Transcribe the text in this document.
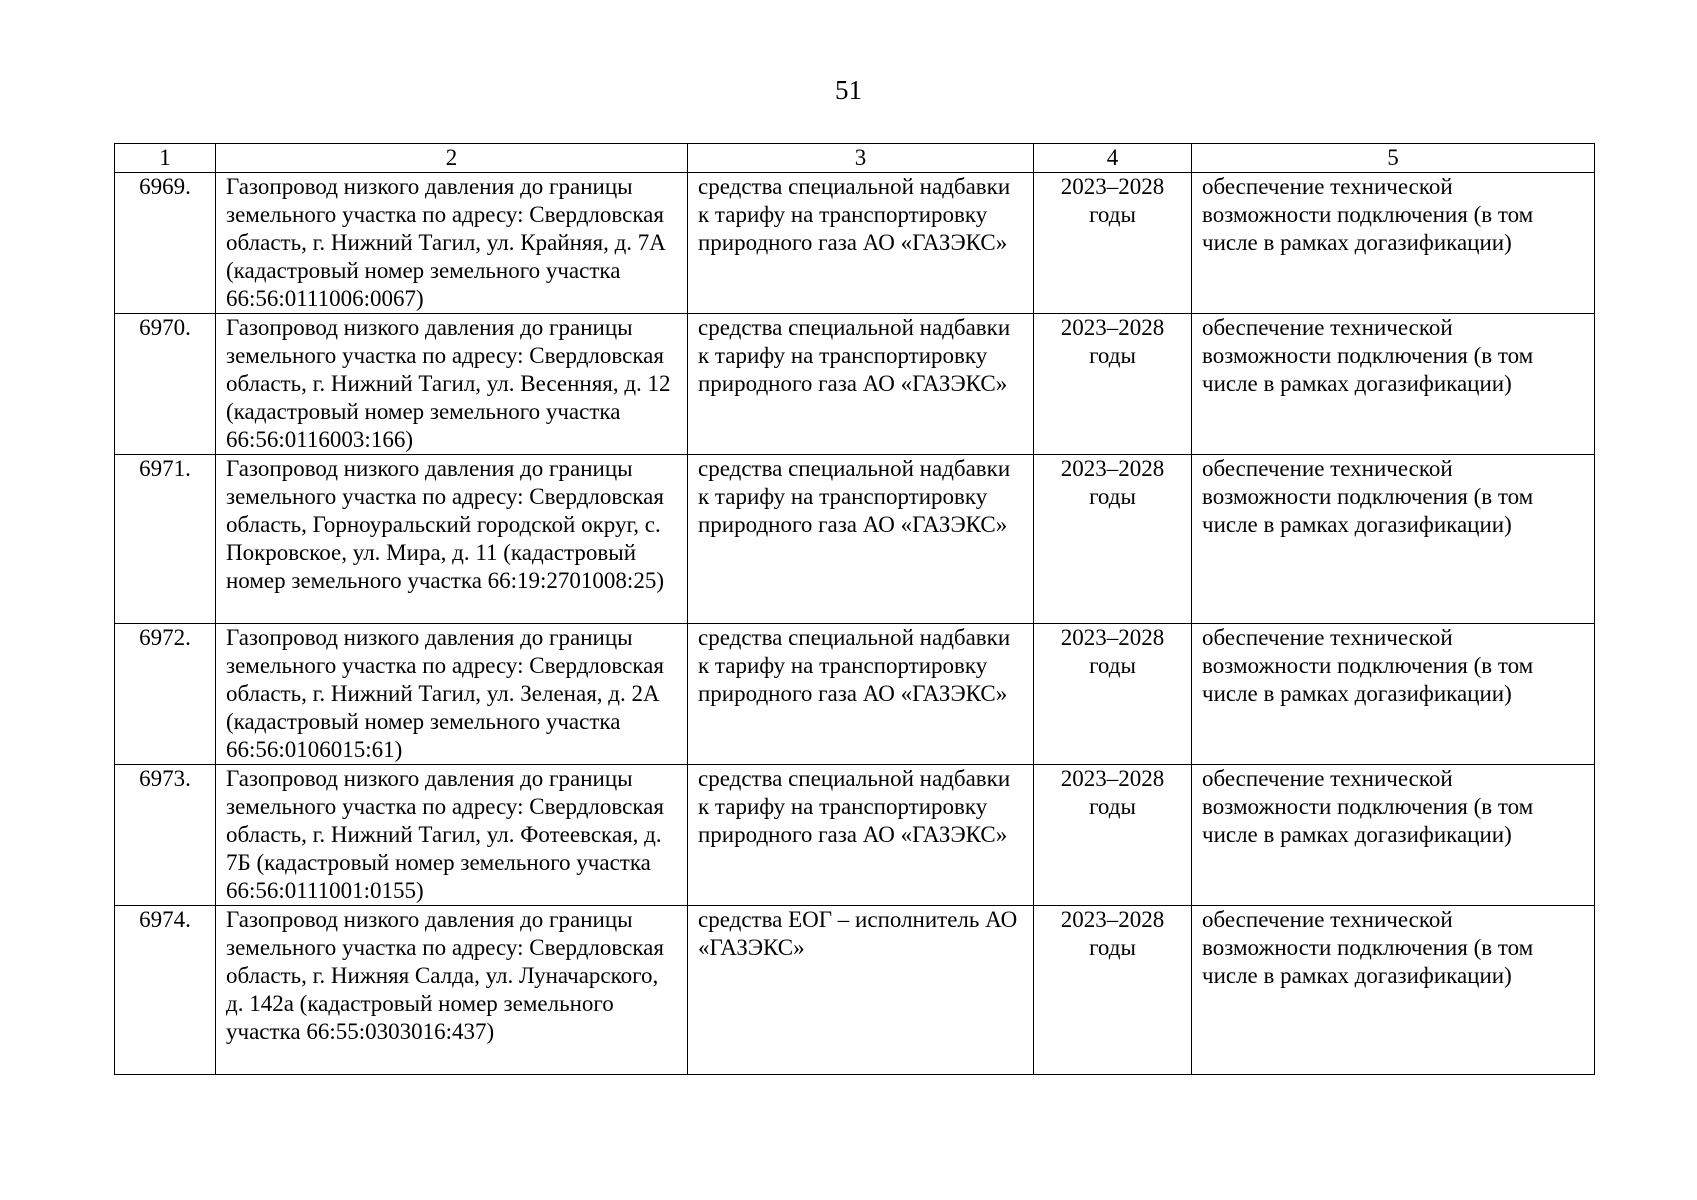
51
1	2	3	4	5
6969.	Газопровод низкого давления до границы земельного участка по адресу: Свердловская область, г. Нижний Тагил, ул. Крайняя, д. 7А (кадастровый номер земельного участка 66:56:0111006:0067)	средства специальной надбавки к тарифу на транспортировку природного газа АО «ГАЗЭКС»	2023–2028 годы	обеспечение технической возможности подключения (в том числе в рамках догазификации)
6970.	Газопровод низкого давления до границы земельного участка по адресу: Свердловская область, г. Нижний Тагил, ул. Весенняя, д. 12 (кадастровый номер земельного участка 66:56:0116003:166)	средства специальной надбавки к тарифу на транспортировку природного газа АО «ГАЗЭКС»	2023–2028 годы	обеспечение технической возможности подключения (в том числе в рамках догазификации)
6971.	Газопровод низкого давления до границы земельного участка по адресу: Свердловская область, Горноуральский городской округ, с. Покровское, ул. Мира, д. 11 (кадастровый номер земельного участка 66:19:2701008:25)	средства специальной надбавки к тарифу на транспортировку природного газа АО «ГАЗЭКС»	2023–2028 годы	обеспечение технической возможности подключения (в том числе в рамках догазификации)
6972.	Газопровод низкого давления до границы земельного участка по адресу: Свердловская область, г. Нижний Тагил, ул. Зеленая, д. 2А (кадастровый номер земельного участка 66:56:0106015:61)	средства специальной надбавки к тарифу на транспортировку природного газа АО «ГАЗЭКС»	2023–2028 годы	обеспечение технической возможности подключения (в том числе в рамках догазификации)
6973.	Газопровод низкого давления до границы земельного участка по адресу: Свердловская область, г. Нижний Тагил, ул. Фотеевская, д. 7Б (кадастровый номер земельного участка 66:56:0111001:0155)	средства специальной надбавки к тарифу на транспортировку природного газа АО «ГАЗЭКС»	2023–2028 годы	обеспечение технической возможности подключения (в том числе в рамках догазификации)
6974.	Газопровод низкого давления до границы земельного участка по адресу: Свердловская область, г. Нижняя Салда, ул. Луначарского, д. 142а (кадастровый номер земельного участка 66:55:0303016:437)	средства ЕОГ – исполнитель АО «ГАЗЭКС»	2023–2028 годы	обеспечение технической возможности подключения (в том числе в рамках догазификации)
